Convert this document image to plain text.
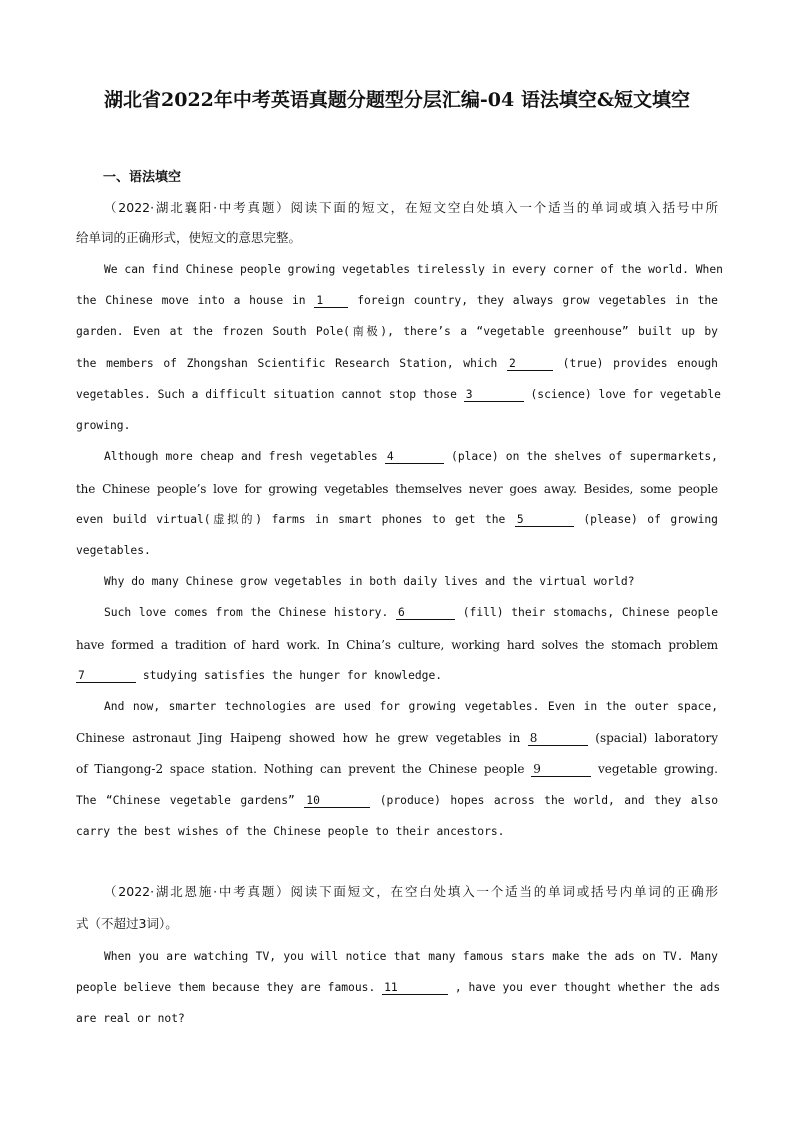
湖北省2022年中考英语真题分题型分层汇编-04 语法填空&短文填空
一、语法填空
（2022·湖北襄阳·中考真题）阅读下面的短文，在短文空白处填入一个适当的单词或填入括号中所
给单词的正确形式，使短文的意思完整。
We can find Chinese people growing vegetables tirelessly in every corner of the world. When
the Chinese move into a house in 1	foreign country, they always grow vegetables in the
garden. Even at the frozen South Pole(南极), there’s a “vegetable greenhouse” built up by
the members of Zhongshan Scientific Research Station, which 2	(true) provides enough
vegetables. Such a difficult situation cannot stop those 3	(science) love for vegetable
growing.
Although more cheap and fresh vegetables 4	(place) on the shelves of supermarkets,
the Chinese people’s love for growing vegetables themselves never goes away. Besides, some people
even build virtual(虚拟的) farms in smart phones to get the 5	(please) of growing
vegetables.
Why do many Chinese grow vegetables in both daily lives and the virtual world?
Such love comes from the Chinese history. 6	(fill) their stomachs, Chinese people
have formed a tradition of hard work. In China’s culture, working hard solves the stomach problem
7	studying satisfies the hunger for knowledge.
And now, smarter technologies are used for growing vegetables. Even in the outer space,
Chinese astronaut Jing Haipeng showed how he grew vegetables in 8	(spacial) laboratory
of Tiangong-2 space station. Nothing can prevent the Chinese people 9	vegetable growing.
The “Chinese vegetable gardens” 10	(produce) hopes across the world, and they also
carry the best wishes of the Chinese people to their ancestors.
（2022·湖北恩施·中考真题）阅读下面短文，在空白处填入一个适当的单词或括号内单词的正确形
式（不超过3词）。
When you are watching TV, you will notice that many famous stars make the ads on TV. Many
people believe them because they are famous. 11	, have you ever thought whether the ads
are real or not?
